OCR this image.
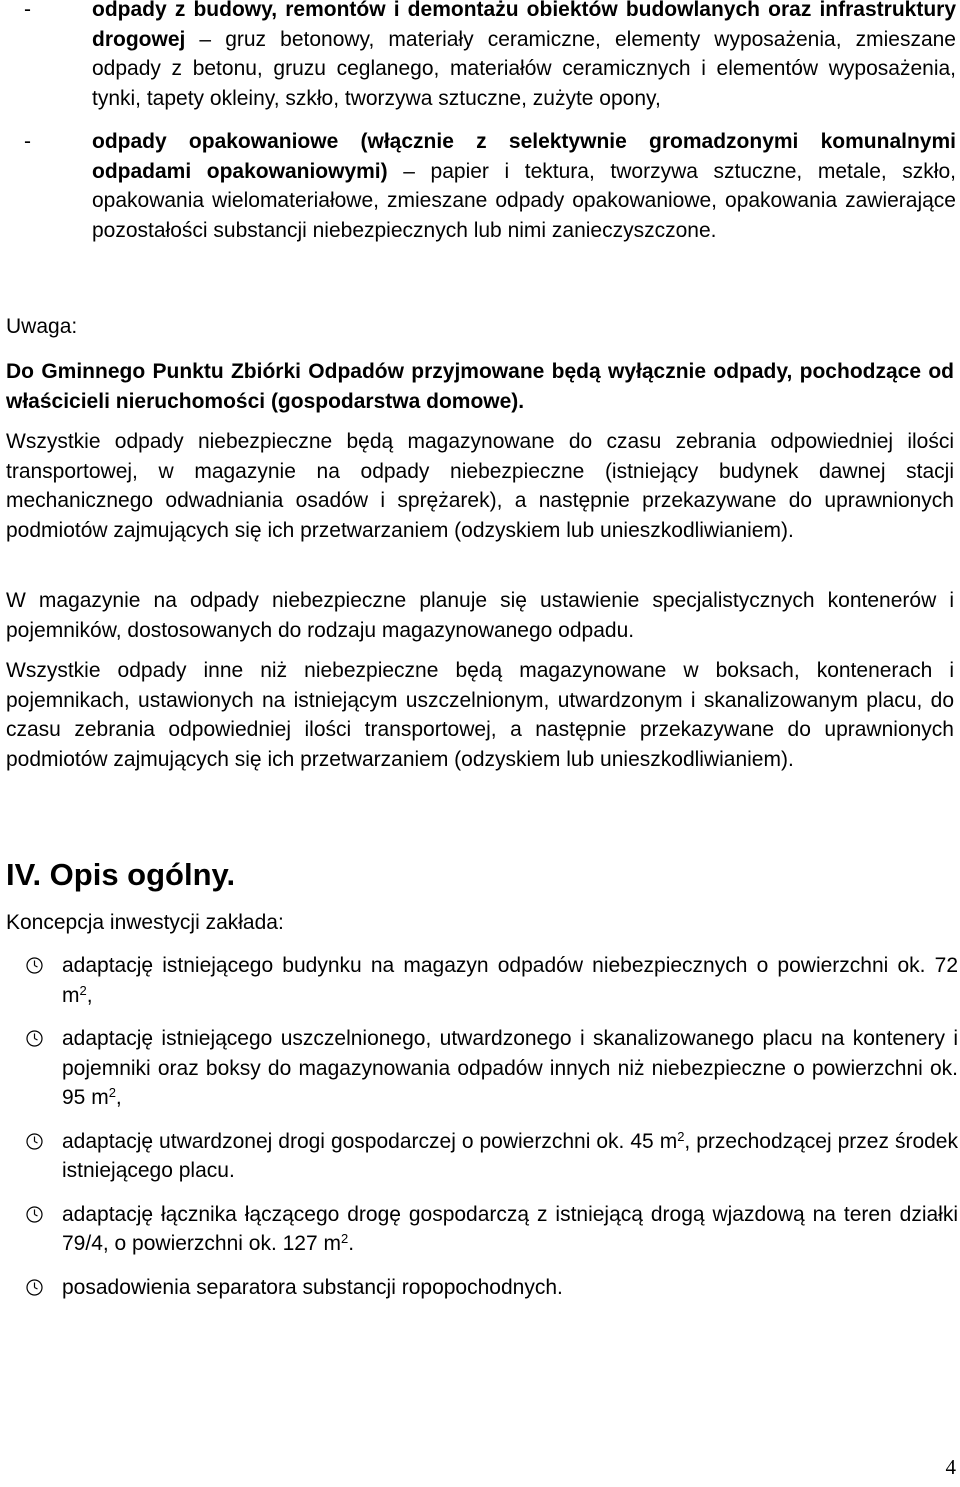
-	odpady z budowy, remontów i demontażu obiektów budowlanych oraz infrastruktury drogowej – gruz betonowy, materiały ceramiczne, elementy wyposażenia, zmieszane odpady z betonu, gruzu ceglanego, materiałów ceramicznych i elementów wyposażenia, tynki, tapety okleiny, szkło, tworzywa sztuczne, zużyte opony,
-	odpady opakowaniowe (włącznie z selektywnie gromadzonymi komunalnymi odpadami opakowaniowymi) – papier i tektura, tworzywa sztuczne, metale, szkło, opakowania wielomateriałowe, zmieszane odpady opakowaniowe, opakowania zawierające pozostałości substancji niebezpiecznych lub nimi zanieczyszczone.
Uwaga:
Do Gminnego Punktu Zbiórki Odpadów przyjmowane będą wyłącznie odpady, pochodzące od właścicieli nieruchomości (gospodarstwa domowe).
Wszystkie odpady niebezpieczne będą magazynowane do czasu zebrania odpowiedniej ilości transportowej, w magazynie na odpady niebezpieczne (istniejący budynek dawnej stacji mechanicznego odwadniania osadów i sprężarek), a następnie przekazywane do uprawnionych podmiotów zajmujących się ich przetwarzaniem (odzyskiem lub unieszkodliwianiem).
W magazynie na odpady niebezpieczne planuje się ustawienie specjalistycznych kontenerów i pojemników, dostosowanych do rodzaju magazynowanego odpadu.
Wszystkie odpady inne niż niebezpieczne będą magazynowane w boksach, kontenerach i pojemnikach, ustawionych na istniejącym uszczelnionym, utwardzonym i skanalizowanym placu, do czasu zebrania odpowiedniej ilości transportowej, a następnie przekazywane do uprawnionych podmiotów zajmujących się ich przetwarzaniem (odzyskiem lub unieszkodliwianiem).
IV. Opis ogólny.
Koncepcja inwestycji zakłada:
adaptację istniejącego budynku na magazyn odpadów niebezpiecznych o powierzchni ok. 72 $m^2$,
adaptację istniejącego uszczelnionego, utwardzonego i skanalizowanego placu na kontenery i pojemniki oraz boksy do magazynowania odpadów innych niż niebezpieczne o powierzchni ok. 95 $m^2$,
adaptację utwardzonej drogi gospodarczej o powierzchni ok. 45 $m^2$, przechodzącej przez środek istniejącego placu.
adaptację łącznika łączącego drogę gospodarczą z istniejącą drogą wjazdową na teren działki 79/4, o powierzchni ok. 127 $m^2$.
posadowienia separatora substancji ropopochodnych.
4
